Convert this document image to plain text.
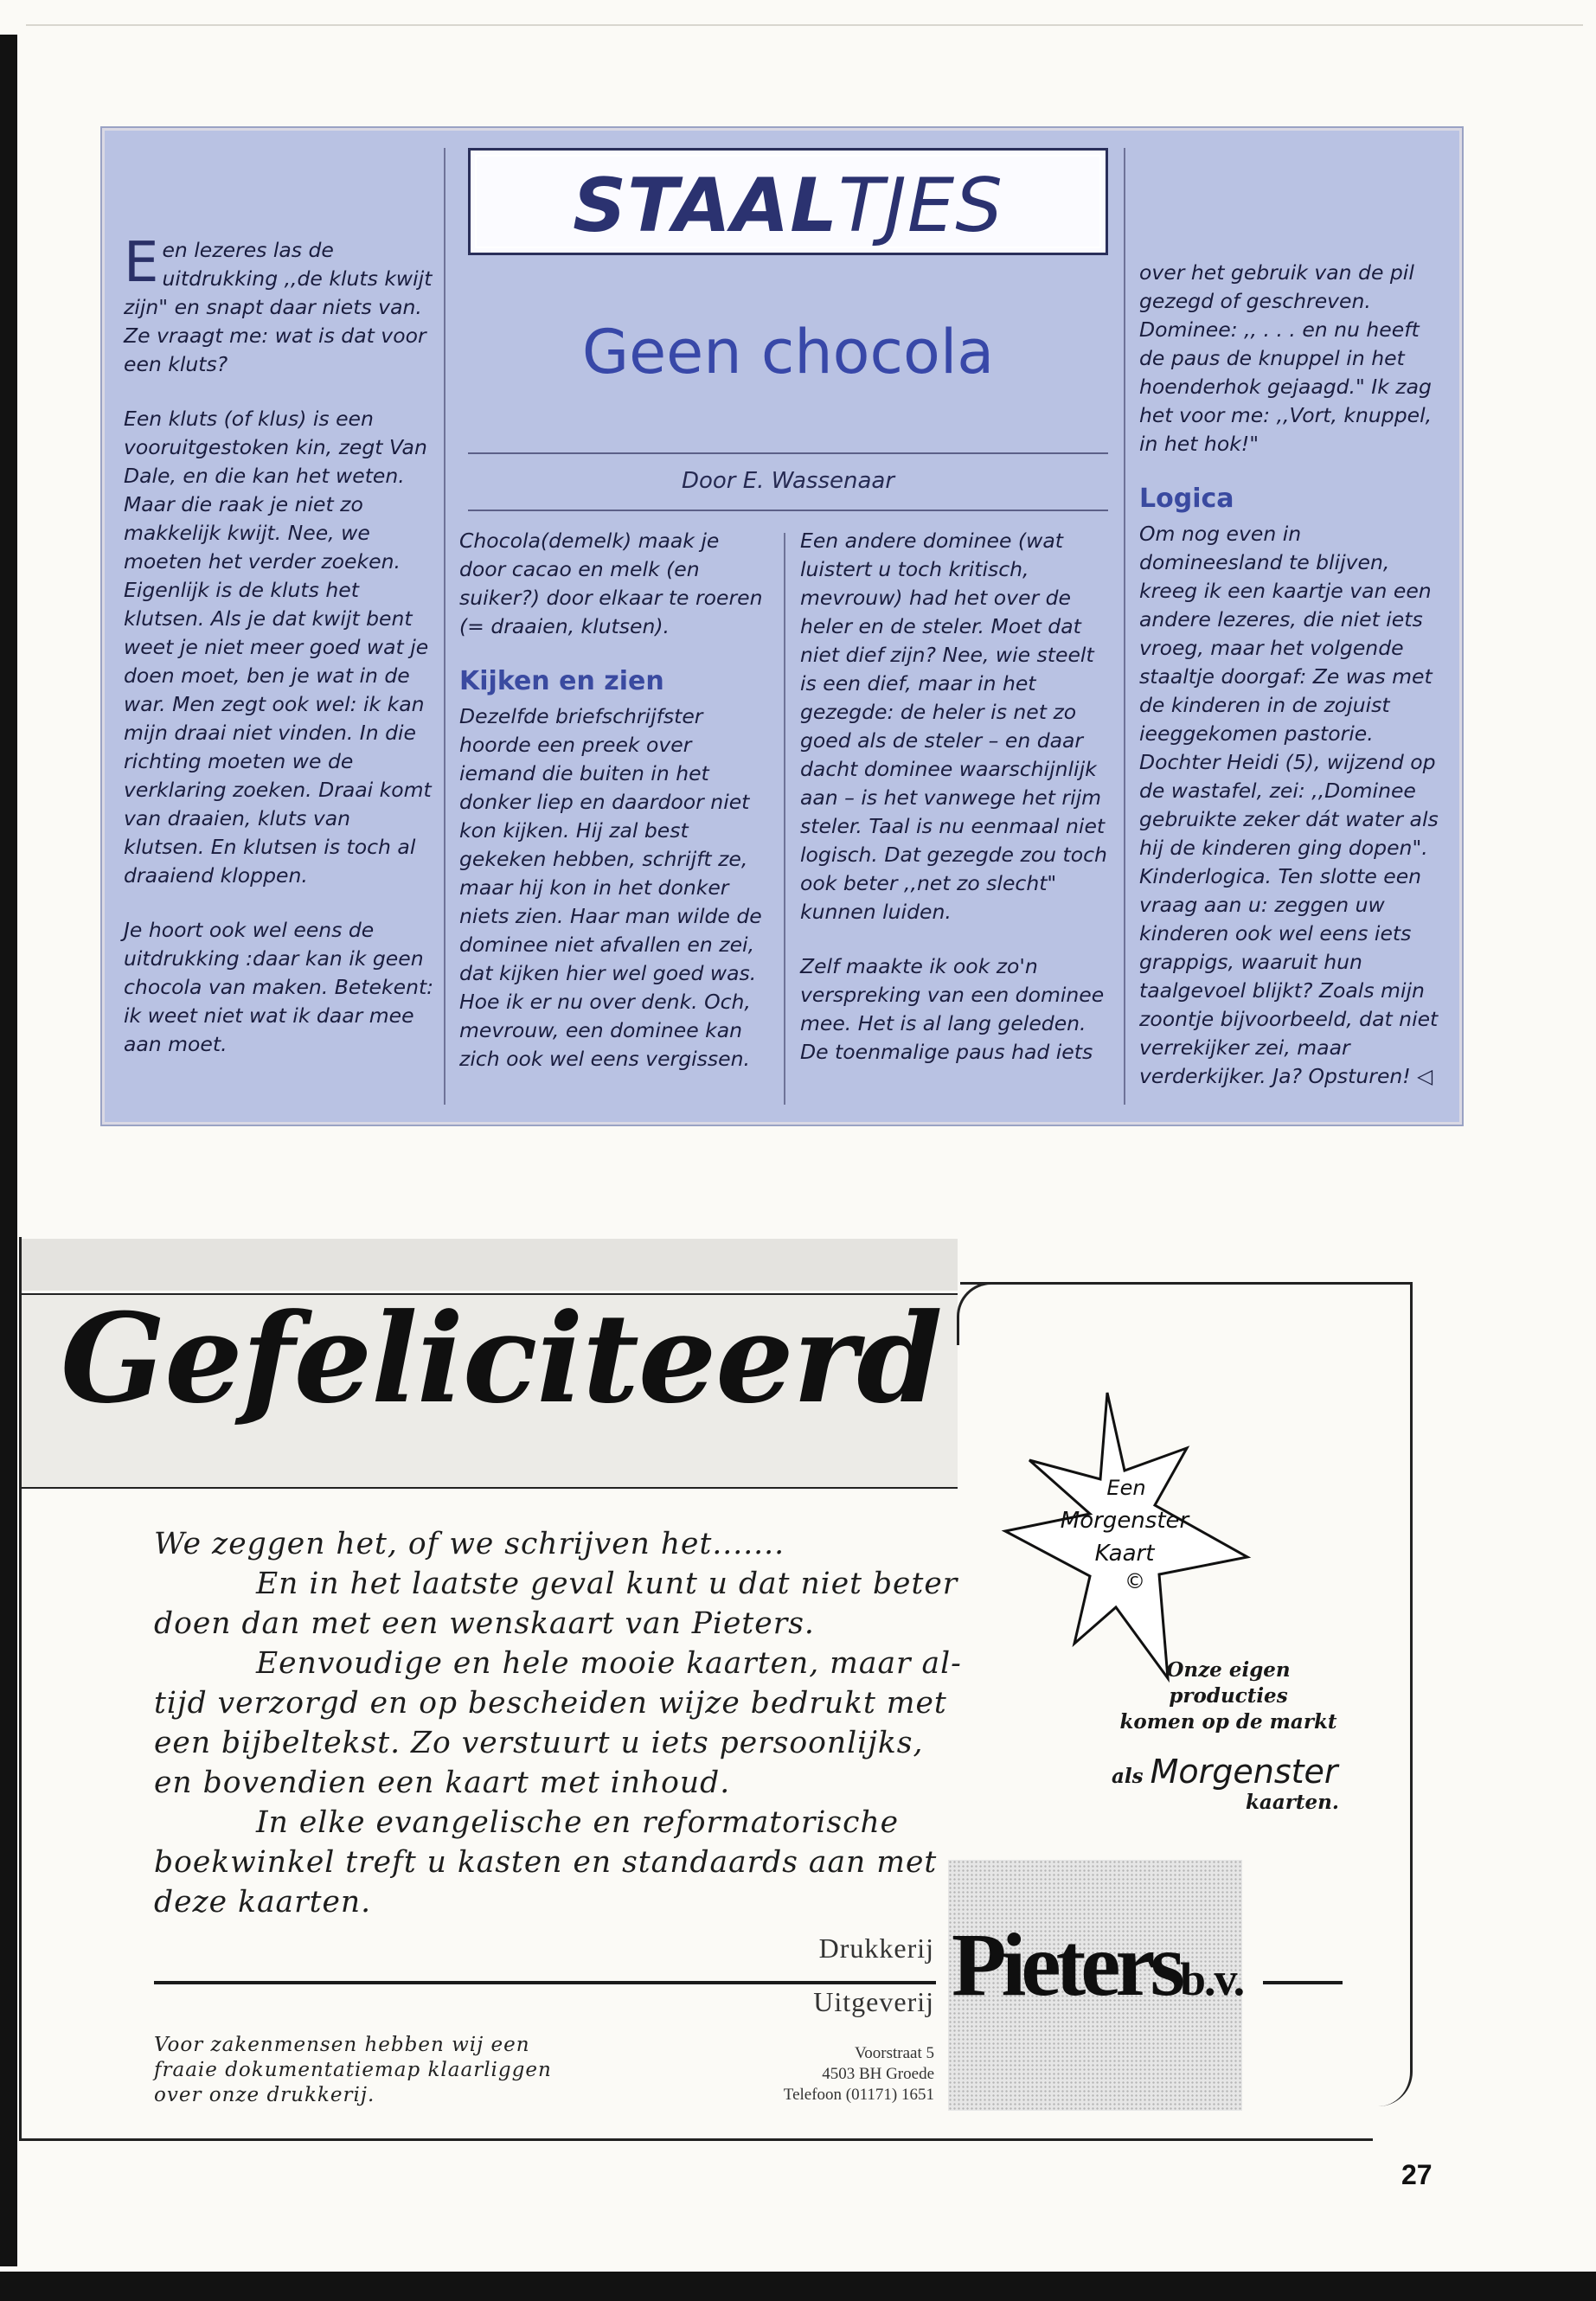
STAALTJES
Geen chocola
Door E. Wassenaar

Een lezeres las de uitdrukking ,,de kluts kwijt zijn" en snapt daar niets van. Ze vraagt me: wat is dat voor een kluts?

Een kluts (of klus) is een vooruitgestoken kin, zegt Van Dale, en die kan het weten. Maar die raak je niet zo makkelijk kwijt. Nee, we moeten het verder zoeken. Eigenlijk is de kluts het klutsen. Als je dat kwijt bent weet je niet meer goed wat je doen moet, ben je wat in de war. Men zegt ook wel: ik kan mijn draai niet vinden. In die richting moeten we de verklaring zoeken. Draai komt van draaien, kluts van klutsen. En klutsen is toch al draaiend kloppen.

Je hoort ook wel eens de uitdrukking :daar kan ik geen chocola van maken. Betekent: ik weet niet wat ik daar mee aan moet.

Chocola(demelk) maak je door cacao en melk (en suiker?) door elkaar te roeren (= draaien, klutsen).

Kijken en zien

Dezelfde briefschrijfster hoorde een preek over iemand die buiten in het donker liep en daardoor niet kon kijken. Hij zal best gekeken hebben, schrijft ze, maar hij kon in het donker niets zien. Haar man wilde de dominee niet afvallen en zei, dat kijken hier wel goed was. Hoe ik er nu over denk. Och, mevrouw, een dominee kan zich ook wel eens vergissen.

Een andere dominee (wat luistert u toch kritisch, mevrouw) had het over de heler en de steler. Moet dat niet dief zijn? Nee, wie steelt is een dief, maar in het gezegde: de heler is net zo goed als de steler – en daar dacht dominee waarschijnlijk aan – is het vanwege het rijm steler. Taal is nu eenmaal niet logisch. Dat gezegde zou toch ook beter ,,net zo slecht" kunnen luiden.

Zelf maakte ik ook zo'n verspreking van een dominee mee. Het is al lang geleden. De toenmalige paus had iets

over het gebruik van de pil gezegd of geschreven. Dominee: ,, . . . en nu heeft de paus de knuppel in het hoenderhok gejaagd." Ik zag het voor me: ,,Vort, knuppel, in het hok!"

Logica

Om nog even in domineesland te blijven, kreeg ik een kaartje van een andere lezeres, die niet iets vroeg, maar het volgende staaltje doorgaf: Ze was met de kinderen in de zojuist ieeggekomen pastorie. Dochter Heidi (5), wijzend op de wastafel, zei: ,,Dominee gebruikte zeker dát water als hij de kinderen ging dopen". Kinderlogica. Ten slotte een vraag aan u: zeggen uw kinderen ook wel eens iets grappigs, waaruit hun taalgevoel blijkt? Zoals mijn zoontje bijvoorbeeld, dat niet verrekijker zei, maar verderkijker. Ja? Opsturen! ◁

Gefeliciteerd
We zeggen het, of we schrijven het.......
En in het laatste geval kunt u dat niet beter
doen dan met een wenskaart van Pieters.
Eenvoudige en hele mooie kaarten, maar al-
tijd verzorgd en op bescheiden wijze bedrukt met
een bijbeltekst. Zo verstuurt u iets persoonlijks,
en bovendien een kaart met inhoud.
In elke evangelische en reformatorische
boekwinkel treft u kasten en standaards aan met
deze kaarten.
Een
Morgenster
Kaart
©
Onze eigen
producties
komen op de markt
als Morgenster
kaarten.
Pietersb.v.
Drukkerij
Uitgeverij
Voor zakenmensen hebben wij een
fraaie dokumentatiemap klaarliggen
over onze drukkerij.
Voorstraat 5
4503 BH Groede
Telefoon (01171) 1651
27
